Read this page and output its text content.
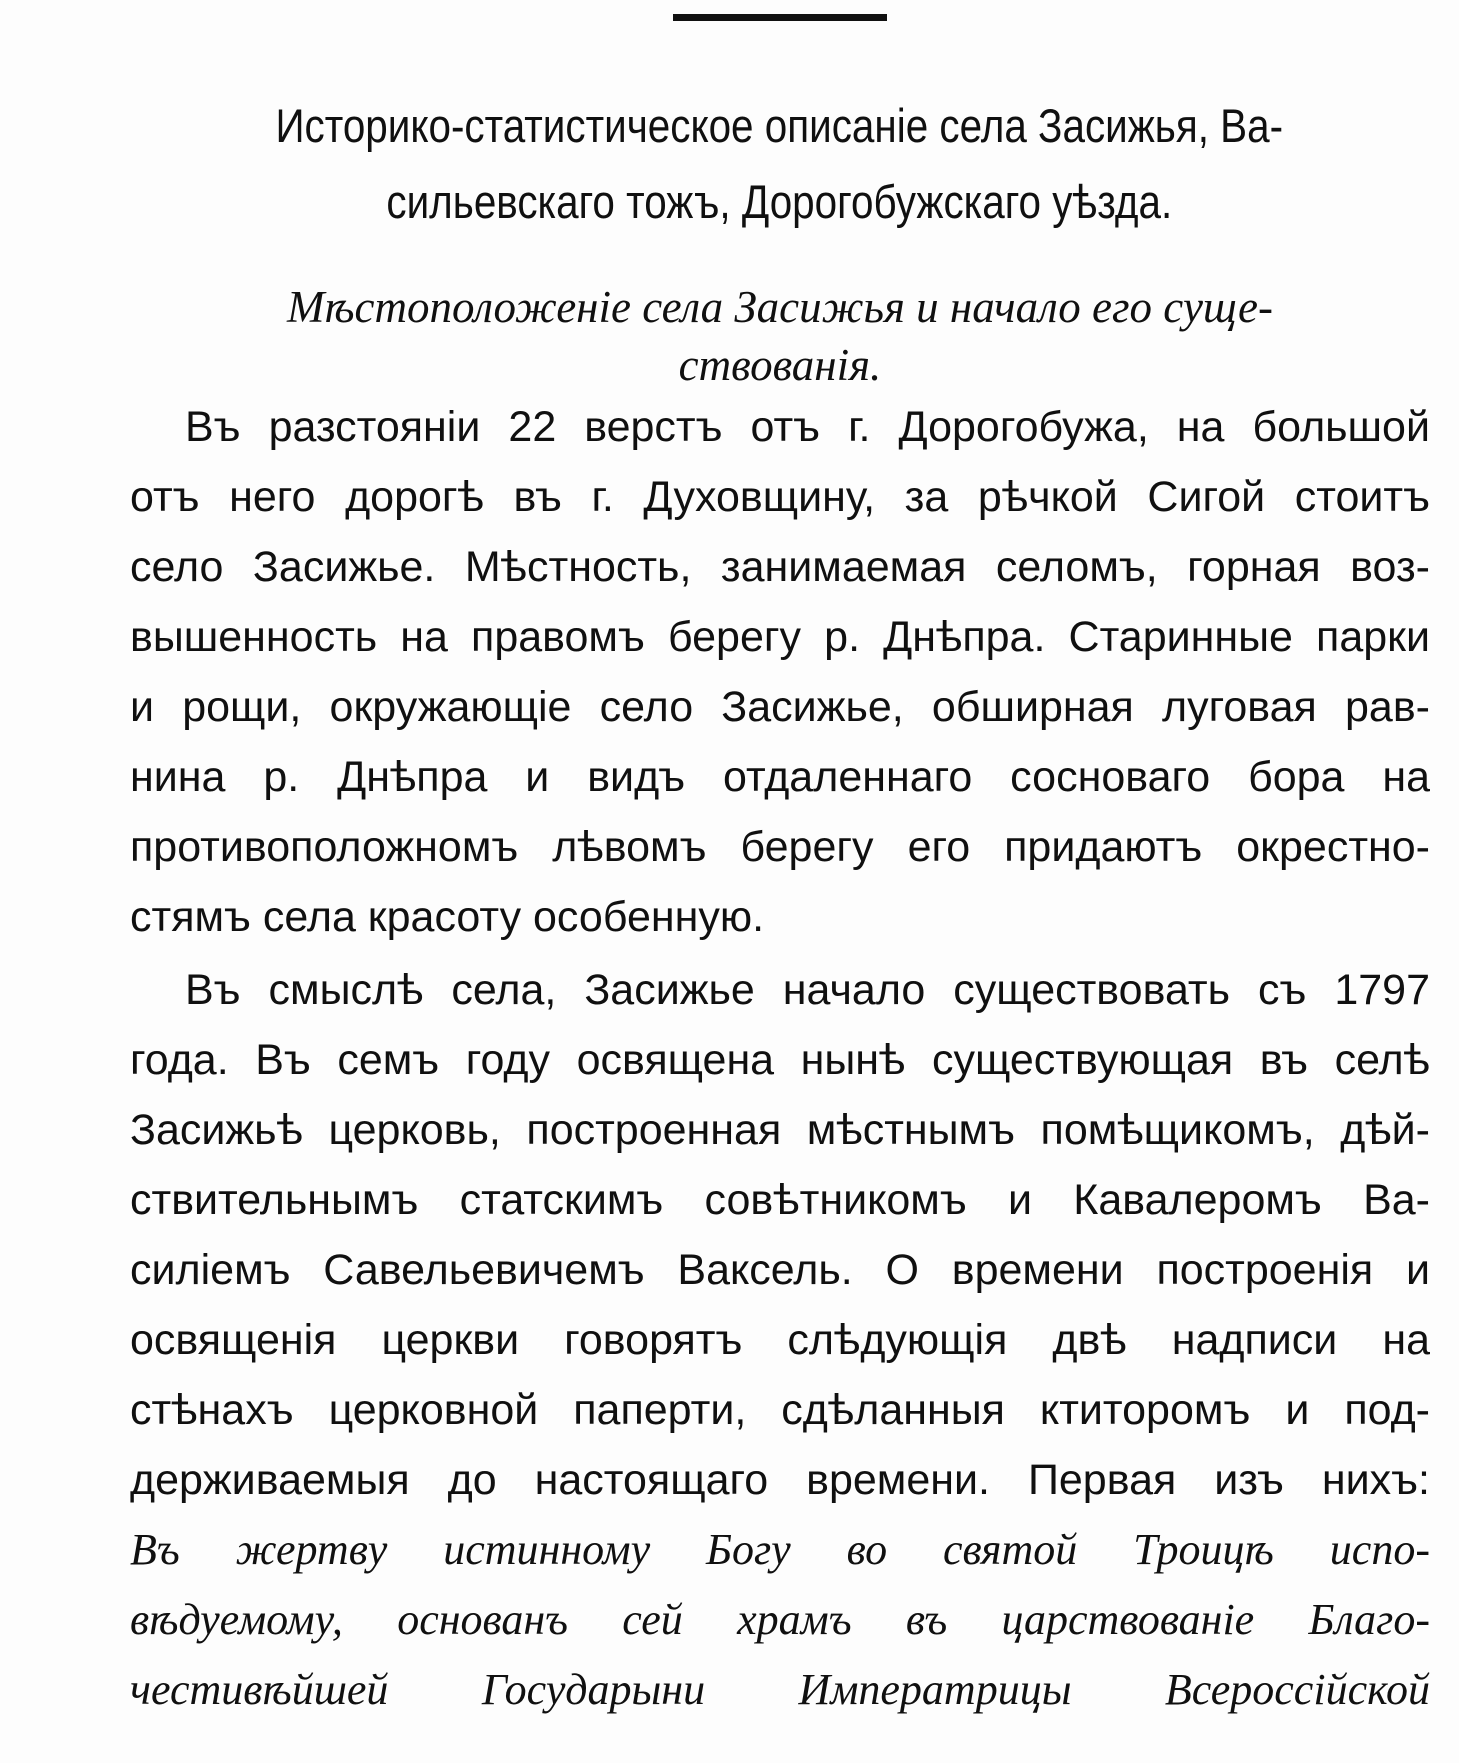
Историко-статистическое описанiе села Засижья, Ва-
сильевскаго тожъ, Дорогобужскаго уѣзда.
Мѣстоположенiе села Засижья и начало его суще-
ствованiя.
Въ разстоянiи 22 верстъ отъ г. Дорогобужа, на большой
отъ него дорогѣ въ г. Духовщину, за рѣчкой Сигой стоитъ
село Засижье. Мѣстность, занимаемая селомъ, горная воз-
вышенность на правомъ берегу р. Днѣпра. Старинные парки
и рощи, окружающiе село Засижье, обширная луговая рав-
нина р. Днѣпра и видъ отдаленнаго сосноваго бора на
противоположномъ лѣвомъ берегу его придаютъ окрестно-
стямъ села красоту особенную.
Въ смыслѣ села, Засижье начало существовать съ 1797
года. Въ семъ году освящена нынѣ существующая въ селѣ
Засижьѣ церковь, построенная мѣстнымъ помѣщикомъ, дѣй-
ствительнымъ статскимъ совѣтникомъ и Кавалеромъ Ва-
силiемъ Савельевичемъ Ваксель. О времени построенiя и
освященiя церкви говорятъ слѣдующiя двѣ надписи на
стѣнахъ церковной паперти, сдѣланныя ктиторомъ и под-
держиваемыя до настоящаго времени. Первая изъ нихъ:
Въ жертву истинному Богу во святой Троицѣ испо-
вѣдуемому, основанъ сей храмъ въ царствованiе Благо-
честивѣйшей Государыни Императрицы Всероссiйской
